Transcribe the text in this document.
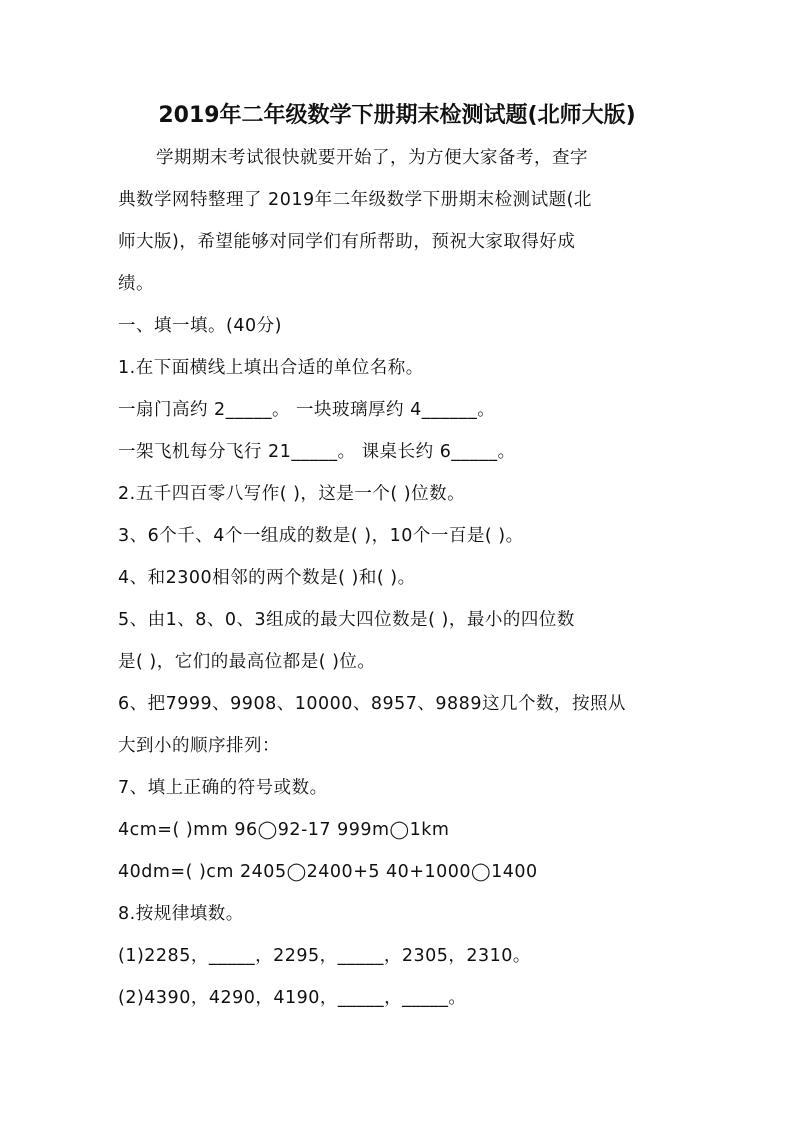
2019年二年级数学下册期末检测试题(北师大版)
学期期末考试很快就要开始了，为方便大家备考，查字
典数学网特整理了 2019年二年级数学下册期末检测试题(北
师大版)，希望能够对同学们有所帮助，预祝大家取得好成
绩。
一、填一填。(40分)
1.在下面横线上填出合适的单位名称。
一扇门高约 2_____。 一块玻璃厚约 4______。
一架飞机每分飞行 21_____。 课桌长约 6_____。
2.五千四百零八写作( )，这是一个( )位数。
3、6个千、4个一组成的数是( )，10个一百是( )。
4、和2300相邻的两个数是( )和( )。
5、由1、8、0、3组成的最大四位数是( )，最小的四位数
是( )，它们的最高位都是( )位。
6、把7999、9908、10000、8957、9889这几个数，按照从
大到小的顺序排列：
7、填上正确的符号或数。
4cm=( )mm 96◯92-17 999m◯1km
40dm=( )cm 2405◯2400+5 40+1000◯1400
8.按规律填数。
(1)2285，_____，2295，_____，2305，2310。
(2)4390，4290，4190，_____，_____。
